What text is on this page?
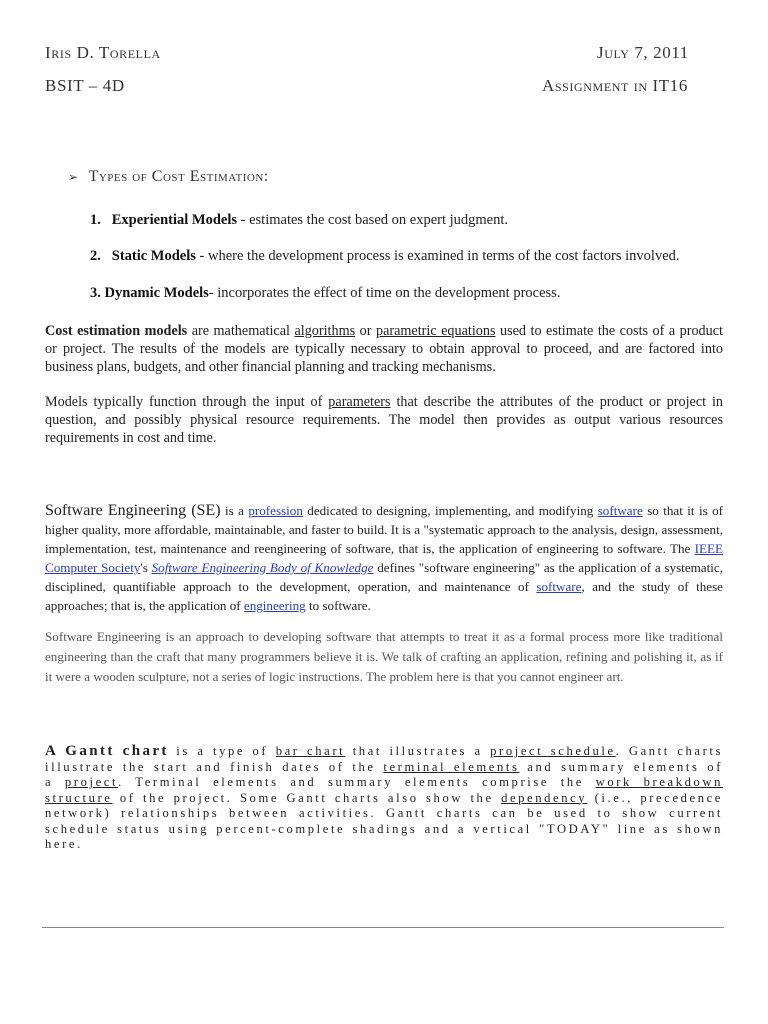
Iris D. Torella	July 7, 2011
BSIT – 4D	Assignment in IT16
➢ Types of Cost Estimation:
1. Experiential Models - estimates the cost based on expert judgment.
2. Static Models - where the development process is examined in terms of the cost factors involved.
3. Dynamic Models- incorporates the effect of time on the development process.

Cost estimation models are mathematical algorithms or parametric equations used to estimate the costs of a product or project. The results of the models are typically necessary to obtain approval to proceed, and are factored into business plans, budgets, and other financial planning and tracking mechanisms.

Models typically function through the input of parameters that describe the attributes of the product or project in question, and possibly physical resource requirements. The model then provides as output various resources requirements in cost and time.

Software Engineering (SE) is a profession dedicated to designing, implementing, and modifying software so that it is of higher quality, more affordable, maintainable, and faster to build. It is a "systematic approach to the analysis, design, assessment, implementation, test, maintenance and reengineering of software, that is, the application of engineering to software. The IEEE Computer Society's Software Engineering Body of Knowledge defines "software engineering" as the application of a systematic, disciplined, quantifiable approach to the development, operation, and maintenance of software, and the study of these approaches; that is, the application of engineering to software.

Software Engineering is an approach to developing software that attempts to treat it as a formal process more like traditional engineering than the craft that many programmers believe it is. We talk of crafting an application, refining and polishing it, as if it were a wooden sculpture, not a series of logic instructions. The problem here is that you cannot engineer art.

A Gantt chart is a type of bar chart that illustrates a project schedule. Gantt charts illustrate the start and finish dates of the terminal elements and summary elements of a project. Terminal elements and summary elements comprise the work breakdown structure of the project. Some Gantt charts also show the dependency (i.e., precedence network) relationships between activities. Gantt charts can be used to show current schedule status using percent-complete shadings and a vertical "TODAY" line as shown here.
